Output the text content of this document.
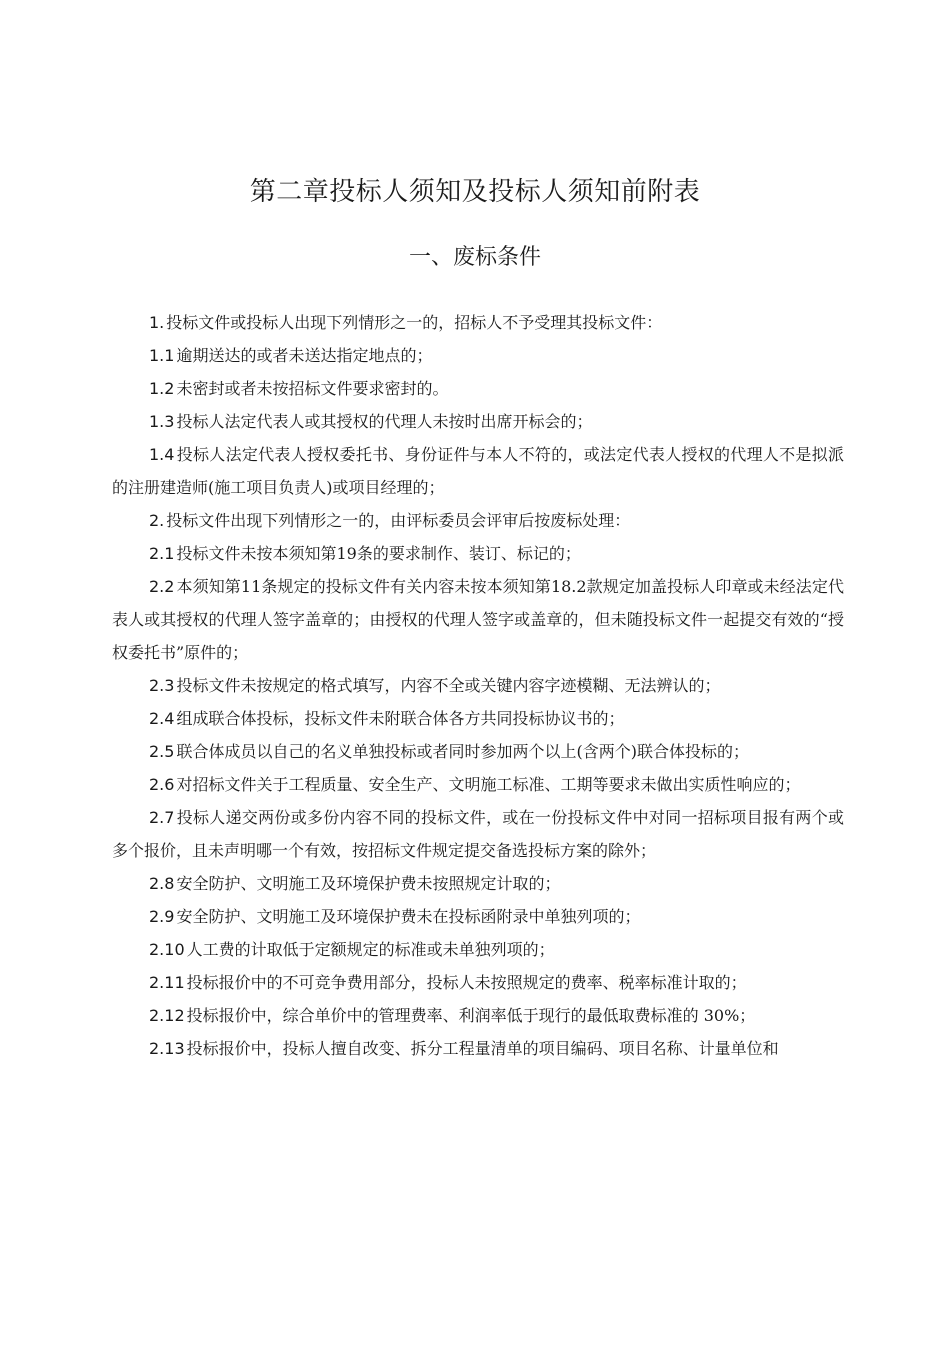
第二章投标人须知及投标人须知前附表
一、废标条件

1. 投标文件或投标人出现下列情形之一的，招标人不予受理其投标文件：

1.1 逾期送达的或者未送达指定地点的；

1.2 未密封或者未按招标文件要求密封的。

1.3 投标人法定代表人或其授权的代理人未按时出席开标会的；

1.4 投标人法定代表人授权委托书、身份证件与本人不符的，或法定代表人授权的代理人不是拟派的注册建造师(施工项目负责人)或项目经理的；

2. 投标文件出现下列情形之一的，由评标委员会评审后按废标处理：

2.1 投标文件未按本须知第19条的要求制作、装订、标记的；

2.2 本须知第11条规定的投标文件有关内容未按本须知第18.2款规定加盖投标人印章或未经法定代表人或其授权的代理人签字盖章的；由授权的代理人签字或盖章的，但未随投标文件一起提交有效的“授权委托书”原件的；

2.3 投标文件未按规定的格式填写，内容不全或关键内容字迹模糊、无法辨认的；

2.4 组成联合体投标，投标文件未附联合体各方共同投标协议书的；

2.5 联合体成员以自己的名义单独投标或者同时参加两个以上(含两个)联合体投标的；

2.6 对招标文件关于工程质量、安全生产、文明施工标准、工期等要求未做出实质性响应的；

2.7 投标人递交两份或多份内容不同的投标文件，或在一份投标文件中对同一招标项目报有两个或多个报价，且未声明哪一个有效，按招标文件规定提交备选投标方案的除外；

2.8 安全防护、文明施工及环境保护费未按照规定计取的；

2.9 安全防护、文明施工及环境保护费未在投标函附录中单独列项的；

2.10 人工费的计取低于定额规定的标准或未单独列项的；

2.11 投标报价中的不可竞争费用部分，投标人未按照规定的费率、税率标准计取的；

2.12 投标报价中，综合单价中的管理费率、利润率低于现行的最低取费标准的 30%；

2.13 投标报价中，投标人擅自改变、拆分工程量清单的项目编码、项目名称、计量单位和
